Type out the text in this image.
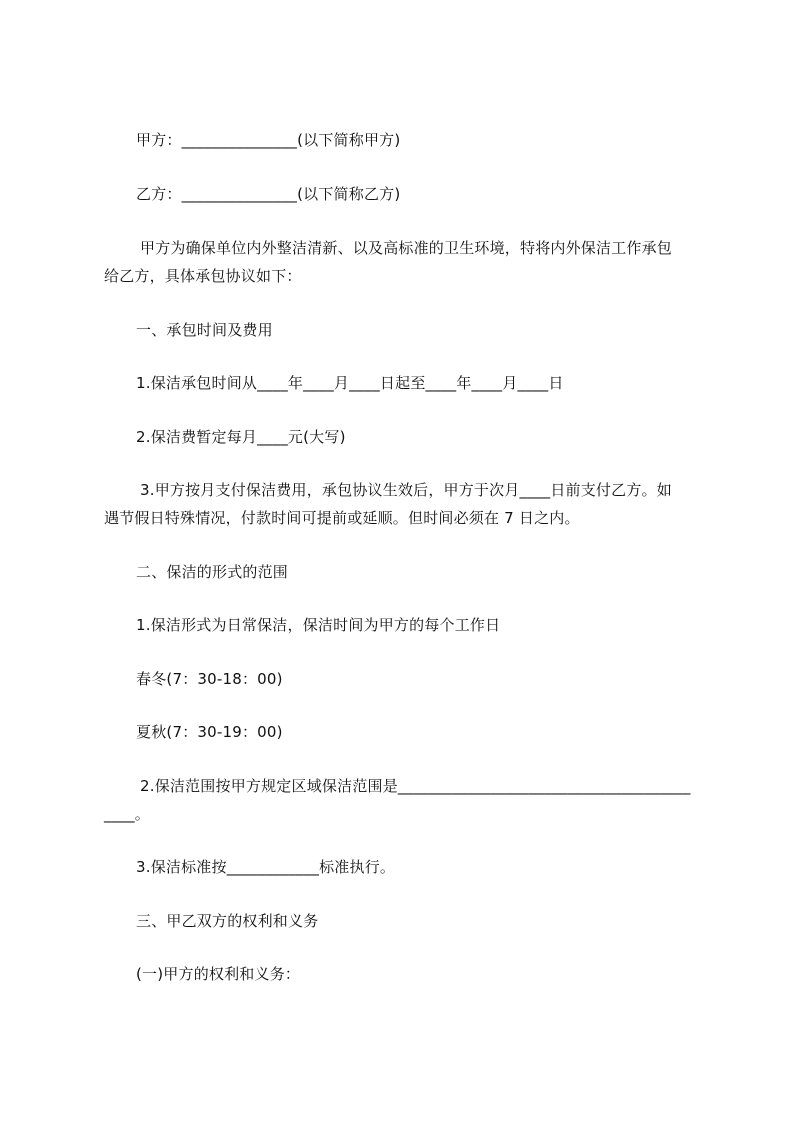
甲方：_______________(以下简称甲方)
乙方：_______________(以下简称乙方)
甲方为确保单位内外整洁清新、以及高标准的卫生环境，特将内外保洁工作承包
给乙方，具体承包协议如下：
一、承包时间及费用
1.保洁承包时间从____年____月____日起至____年____月____日
2.保洁费暂定每月____元(大写)
3.甲方按月支付保洁费用，承包协议生效后，甲方于次月____日前支付乙方。如
遇节假日特殊情况，付款时间可提前或延顺。但时间必须在 7 日之内。
二、保洁的形式的范围
1.保洁形式为日常保洁，保洁时间为甲方的每个工作日
春冬(7：30-18：00)
夏秋(7：30-19：00)
2.保洁范围按甲方规定区域保洁范围是______________________________________
____。
3.保洁标准按____________标准执行。
三、甲乙双方的权利和义务
(一)甲方的权利和义务：
